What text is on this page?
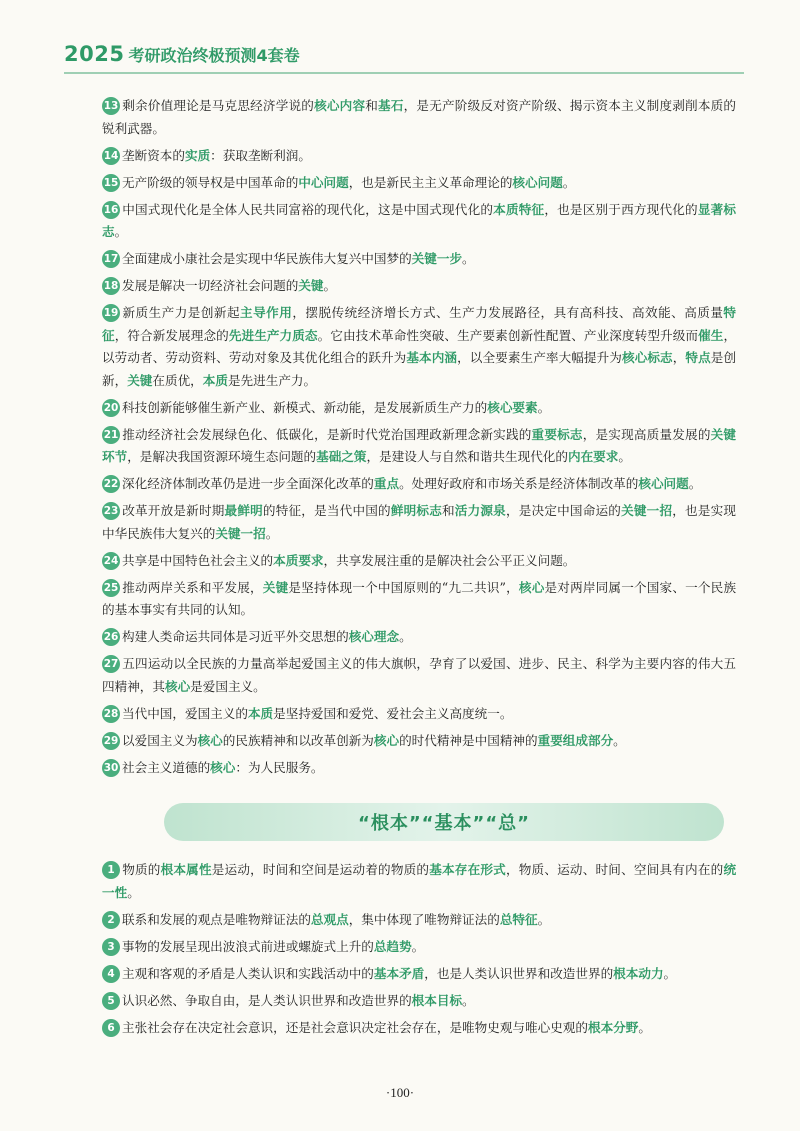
2025 考研政治终极预测4套卷
13 剩余价值理论是马克思经济学说的核心内容和基石，是无产阶级反对资产阶级、揭示资本主义制度剥削本质的锐利武器。
14 垄断资本的实质：获取垄断利润。
15 无产阶级的领导权是中国革命的中心问题，也是新民主主义革命理论的核心问题。
16 中国式现代化是全体人民共同富裕的现代化，这是中国式现代化的本质特征，也是区别于西方现代化的显著标志。
17 全面建成小康社会是实现中华民族伟大复兴中国梦的关键一步。
18 发展是解决一切经济社会问题的关键。
19 新质生产力是创新起主导作用，摆脱传统经济增长方式、生产力发展路径，具有高科技、高效能、高质量特征，符合新发展理念的先进生产力质态。它由技术革命性突破、生产要素创新性配置、产业深度转型升级而催生，以劳动者、劳动资料、劳动对象及其优化组合的跃升为基本内涵，以全要素生产率大幅提升为核心标志，特点是创新，关键在质优，本质是先进生产力。
20 科技创新能够催生新产业、新模式、新动能，是发展新质生产力的核心要素。
21 推动经济社会发展绿色化、低碳化，是新时代党治国理政新理念新实践的重要标志，是实现高质量发展的关键环节，是解决我国资源环境生态问题的基础之策，是建设人与自然和谐共生现代化的内在要求。
22 深化经济体制改革仍是进一步全面深化改革的重点。处理好政府和市场关系是经济体制改革的核心问题。
23 改革开放是新时期最鲜明的特征，是当代中国的鲜明标志和活力源泉，是决定中国命运的关键一招，也是实现中华民族伟大复兴的关键一招。
24 共享是中国特色社会主义的本质要求，共享发展注重的是解决社会公平正义问题。
25 推动两岸关系和平发展，关键是坚持体现一个中国原则的“九二共识”，核心是对两岸同属一个国家、一个民族的基本事实有共同的认知。
26 构建人类命运共同体是习近平外交思想的核心理念。
27 五四运动以全民族的力量高举起爱国主义的伟大旗帜，孕育了以爱国、进步、民主、科学为主要内容的伟大五四精神，其核心是爱国主义。
28 当代中国，爱国主义的本质是坚持爱国和爱党、爱社会主义高度统一。
29 以爱国主义为核心的民族精神和以改革创新为核心的时代精神是中国精神的重要组成部分。
30 社会主义道德的核心：为人民服务。
“根本”“基本”“总”
1 物质的根本属性是运动，时间和空间是运动着的物质的基本存在形式，物质、运动、时间、空间具有内在的统一性。
2 联系和发展的观点是唯物辩证法的总观点，集中体现了唯物辩证法的总特征。
3 事物的发展呈现出波浪式前进或螺旋式上升的总趋势。
4 主观和客观的矛盾是人类认识和实践活动中的基本矛盾，也是人类认识世界和改造世界的根本动力。
5 认识必然、争取自由，是人类认识世界和改造世界的根本目标。
6 主张社会存在决定社会意识，还是社会意识决定社会存在，是唯物史观与唯心史观的根本分野。
·100·
